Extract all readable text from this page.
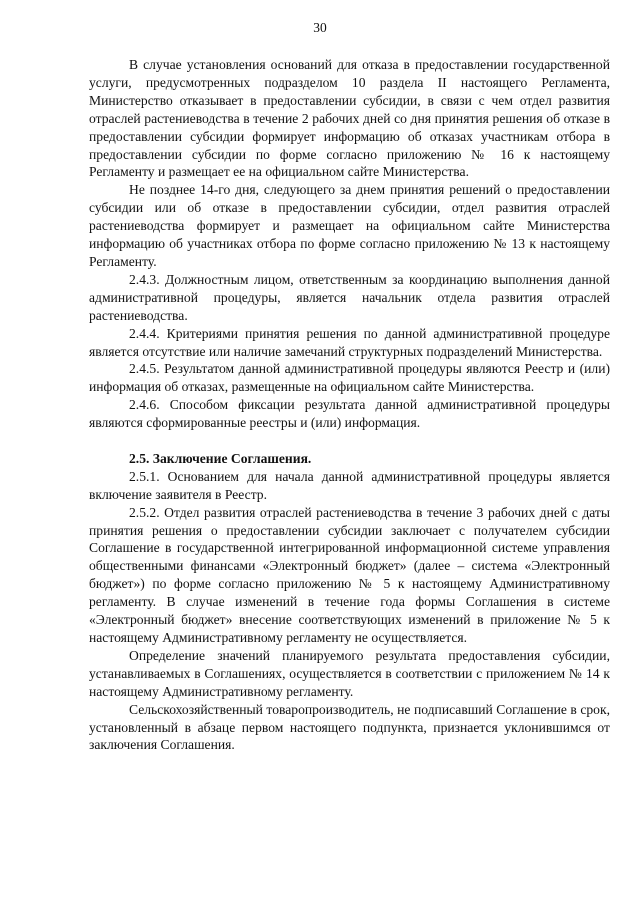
30

В случае установления оснований для отказа в предоставлении государственной услуги, предусмотренных подразделом 10 раздела II настоящего Регламента, Министерство отказывает в предоставлении субсидии, в связи с чем отдел развития отраслей растениеводства в течение 2 рабочих дней со дня принятия решения об отказе в предоставлении субсидии формирует информацию об отказах участникам отбора в предоставлении субсидии по форме согласно приложению № 16 к настоящему Регламенту и размещает ее на официальном сайте Министерства.

Не позднее 14-го дня, следующего за днем принятия решений о предоставлении субсидии или об отказе в предоставлении субсидии, отдел развития отраслей растениеводства формирует и размещает на официальном сайте Министерства информацию об участниках отбора по форме согласно приложению № 13 к настоящему Регламенту.

2.4.3. Должностным лицом, ответственным за координацию выполнения данной административной процедуры, является начальник отдела развития отраслей растениеводства.

2.4.4. Критериями принятия решения по данной административной процедуре является отсутствие или наличие замечаний структурных подразделений Министерства.

2.4.5. Результатом данной административной процедуры являются Реестр и (или) информация об отказах, размещенные на официальном сайте Министерства.

2.4.6. Способом фиксации результата данной административной процедуры являются сформированные реестры и (или) информация.

2.5. Заключение Соглашения.

2.5.1. Основанием для начала данной административной процедуры является включение заявителя в Реестр.

2.5.2. Отдел развития отраслей растениеводства в течение 3 рабочих дней с даты принятия решения о предоставлении субсидии заключает с получателем субсидии Соглашение в государственной интегрированной информационной системе управления общественными финансами «Электронный бюджет» (далее – система «Электронный бюджет») по форме согласно приложению № 5 к настоящему Административному регламенту. В случае изменений в течение года формы Соглашения в системе «Электронный бюджет» внесение соответствующих изменений в приложение № 5 к настоящему Административному регламенту не осуществляется.

Определение значений планируемого результата предоставления субсидии, устанавливаемых в Соглашениях, осуществляется в соответствии с приложением № 14 к настоящему Административному регламенту.

Сельскохозяйственный товаропроизводитель, не подписавший Соглашение в срок, установленный в абзаце первом настоящего подпункта, признается уклонившимся от заключения Соглашения.
